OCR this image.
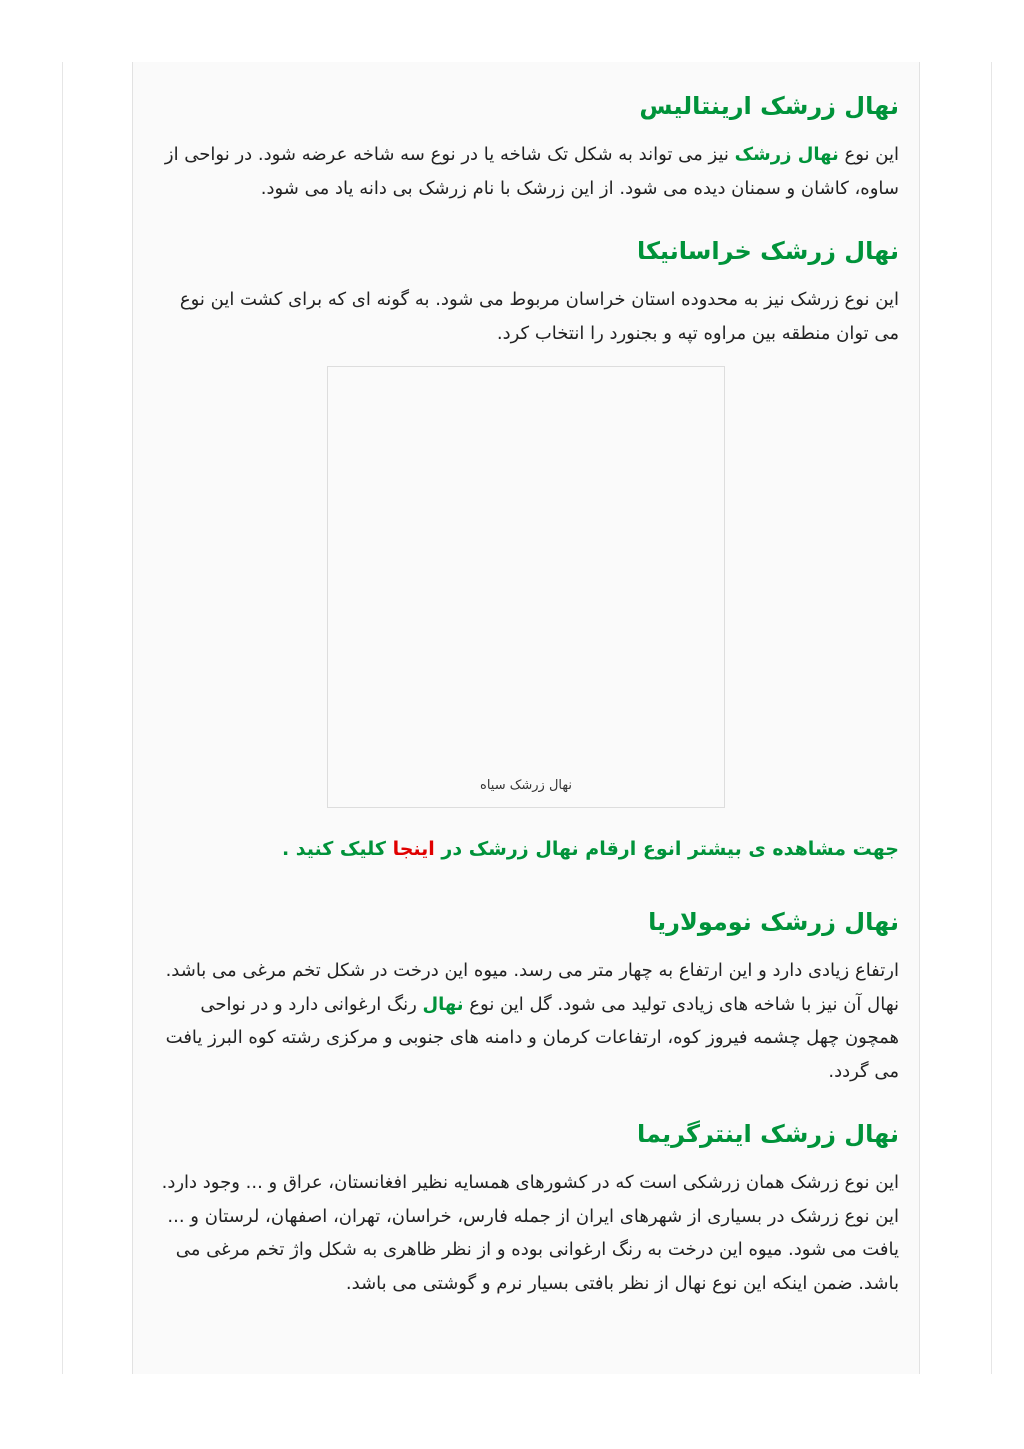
نهال زرشک ارینتالیس

این نوع نهال زرشک نیز می تواند به شکل تک شاخه یا در نوع سه شاخه عرضه شود. در نواحی از ساوه، کاشان و سمنان دیده می شود. از این زرشک با نام زرشک بی دانه یاد می شود.

نهال زرشک خراسانیکا

این نوع زرشک نیز به محدوده استان خراسان مربوط می شود. به گونه ای که برای کشت این نوع می توان منطقه بین مراوه تپه و بجنورد را انتخاب کرد.

نهال زرشک سیاه
جهت مشاهده ی بیشتر انوع ارقام نهال زرشک در اینجا کلیک کنید .
نهال زرشک نومولاریا

ارتفاع زیادی دارد و این ارتفاع به چهار متر می رسد. میوه این درخت در شکل تخم مرغی می باشد. نهال آن نیز با شاخه های زیادی تولید می شود. گل این نوع نهال رنگ ارغوانی دارد و در نواحی همچون چهل چشمه فیروز کوه، ارتفاعات کرمان و دامنه های جنوبی و مرکزی رشته کوه البرز یافت می گردد.

نهال زرشک اینترگریما

این نوع زرشک همان زرشکی است که در کشورهای همسایه نظیر افغانستان، عراق و ... وجود دارد. این نوع زرشک در بسیاری از شهرهای ایران از جمله فارس، خراسان، تهران، اصفهان، لرستان و ... یافت می شود. میوه این درخت به رنگ ارغوانی بوده و از نظر ظاهری به شکل واژ تخم مرغی می باشد. ضمن اینکه این نوع نهال از نظر بافتی بسیار نرم و گوشتی می باشد.
